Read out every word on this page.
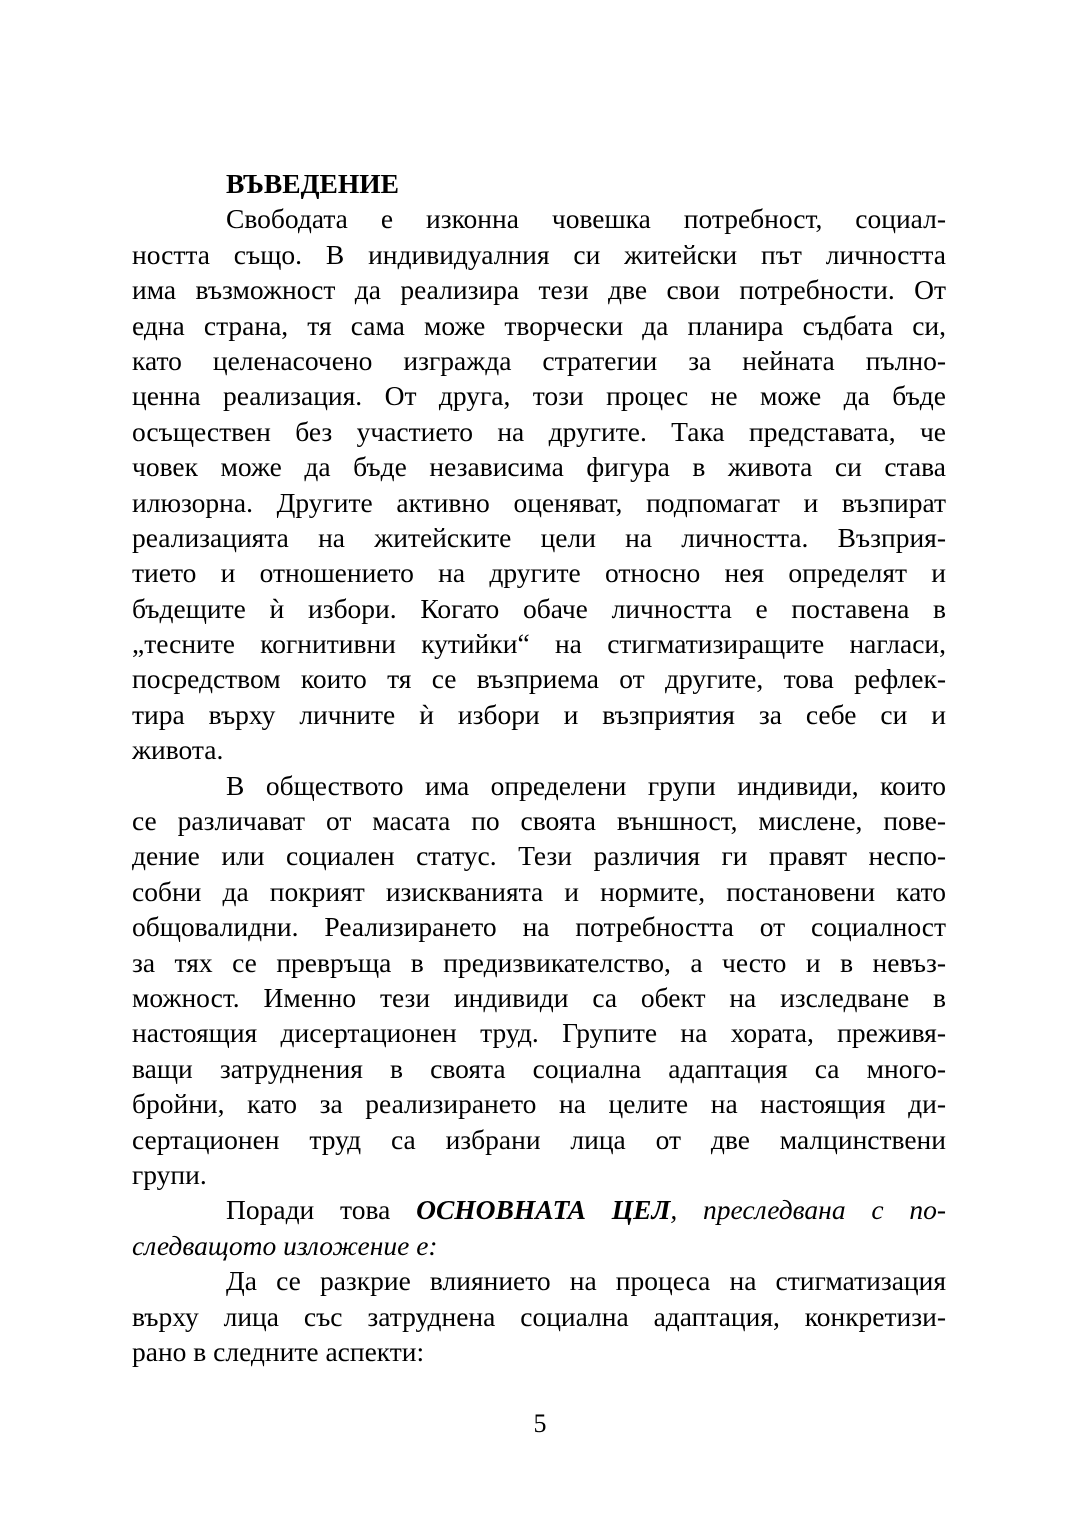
ВЪВЕДЕНИЕ
Свободата е изконна човешка потребност, социал-
ността също. В индивидуалния си житейски път личността
има възможност да реализира тези две свои потребности. От
една страна, тя сама може творчески да планира съдбата си,
като целенасочено изгражда стратегии за нейната пълно-
ценна реализация. От друга, този процес не може да бъде
осъществен без участието на другите. Така представата, че
човек може да бъде независима фигура в живота си става
илюзорна. Другите активно оценяват, подпомагат и възпират
реализацията на житейските цели на личността. Възприя-
тието и отношението на другите относно нея определят и
бъдещите ѝ избори. Когато обаче личността е поставена в
„тесните когнитивни кутийки“ на стигматизиращите нагласи,
посредством които тя се възприема от другите, това рефлек-
тира върху личните ѝ избори и възприятия за себе си и
живота.
В обществото има определени групи индивиди, които
се различават от масата по своята външност, мислене, пове-
дение или социален статус. Тези различия ги правят неспо-
собни да покрият изискванията и нормите, постановени като
общовалидни. Реализирането на потребността от социалност
за тях се превръща в предизвикателство, а често и в невъз-
можност. Именно тези индивиди са обект на изследване в
настоящия дисертационен труд. Групите на хората, преживя-
ващи затруднения в своята социална адаптация са много-
бройни, като за реализирането на целите на настоящия ди-
сертационен труд са избрани лица от две малцинствени
групи.
Поради това ОСНОВНАТА ЦЕЛ, преследвана с по-
следващото изложение е:
Да се разкрие влиянието на процеса на стигматизация
върху лица със затруднена социална адаптация, конкретизи-
рано в следните аспекти:
5
